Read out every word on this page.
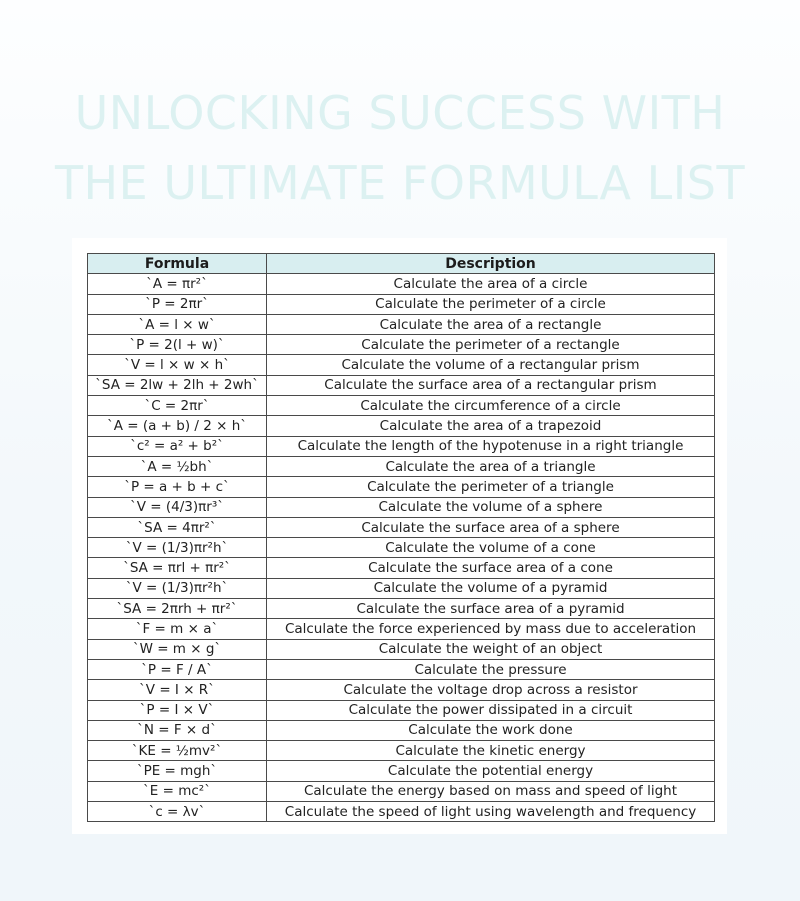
UNLOCKING SUCCESS WITH
THE ULTIMATE FORMULA LIST
Formula	Description
`A = πr²`	Calculate the area of a circle
`P = 2πr`	Calculate the perimeter of a circle
`A = l × w`	Calculate the area of a rectangle
`P = 2(l + w)`	Calculate the perimeter of a rectangle
`V = l × w × h`	Calculate the volume of a rectangular prism
`SA = 2lw + 2lh + 2wh`	Calculate the surface area of a rectangular prism
`C = 2πr`	Calculate the circumference of a circle
`A = (a + b) / 2 × h`	Calculate the area of a trapezoid
`c² = a² + b²`	Calculate the length of the hypotenuse in a right triangle
`A = ½bh`	Calculate the area of a triangle
`P = a + b + c`	Calculate the perimeter of a triangle
`V = (4/3)πr³`	Calculate the volume of a sphere
`SA = 4πr²`	Calculate the surface area of a sphere
`V = (1/3)πr²h`	Calculate the volume of a cone
`SA = πrl + πr²`	Calculate the surface area of a cone
`V = (1/3)πr²h`	Calculate the volume of a pyramid
`SA = 2πrh + πr²`	Calculate the surface area of a pyramid
`F = m × a`	Calculate the force experienced by mass due to acceleration
`W = m × g`	Calculate the weight of an object
`P = F / A`	Calculate the pressure
`V = I × R`	Calculate the voltage drop across a resistor
`P = I × V`	Calculate the power dissipated in a circuit
`N = F × d`	Calculate the work done
`KE = ½mv²`	Calculate the kinetic energy
`PE = mgh`	Calculate the potential energy
`E = mc²`	Calculate the energy based on mass and speed of light
`c = λv`	Calculate the speed of light using wavelength and frequency
